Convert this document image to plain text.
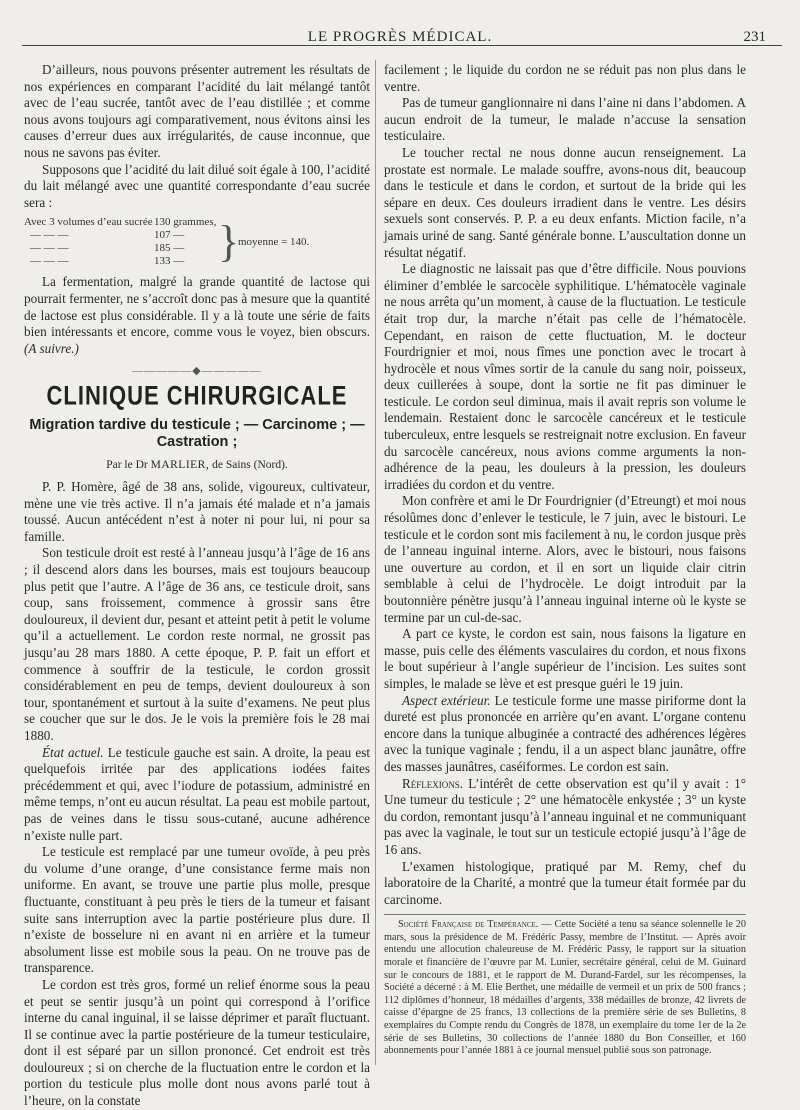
LE PROGRÈS MÉDICAL.	231

D’ailleurs, nous pouvons présenter autrement les résultats de nos expériences en comparant l’acidité du lait mélangé tantôt avec de l’eau sucrée, tantôt avec de l’eau distillée ; et comme nous avons toujours agi comparativement, nous évitons ainsi les causes d’erreur dues aux irrégularités, de cause inconnue, que nous ne savons pas éviter.

Supposons que l’acidité du lait dilué soit égale à 100, l’acidité du lait mélangé avec une quantité correspondante d’eau sucrée sera :

Avec 3 volumes d’eau sucrée 130 grammes, }
moyenne = 140.
— — —	107 —
— — —	185 —
— — —	133 —

La fermentation, malgré la grande quantité de lactose qui pourrait fermenter, ne s’accroît donc pas à mesure que la quantité de lactose est plus considérable. Il y a là toute une série de faits bien intéressants et encore, comme vous le voyez, bien obscurs. (A suivre.)

―――――◆―――――
CLINIQUE CHIRURGICALE
Migration tardive du testicule ; — Carcinome ; —
Castration ;
Par le Dr MARLIER, de Sains (Nord).

P. P. Homère, âgé de 38 ans, solide, vigoureux, cultivateur, mène une vie très active. Il n’a jamais été malade et n’a jamais toussé. Aucun antécédent n’est à noter ni pour lui, ni pour sa famille.

Son testicule droit est resté à l’anneau jusqu’à l’âge de 16 ans ; il descend alors dans les bourses, mais est toujours beaucoup plus petit que l’autre. A l’âge de 36 ans, ce testicule droit, sans coup, sans froissement, commence à grossir sans être douloureux, il devient dur, pesant et atteint petit à petit le volume qu’il a actuellement. Le cordon reste normal, ne grossit pas jusqu’au 28 mars 1880. A cette époque, P. P. fait un effort et commence à souffrir de la testicule, le cordon grossit considérablement en peu de temps, devient douloureux à son tour, spontanément et surtout à la suite d’examens. Ne peut plus se coucher que sur le dos. Je le vois la première fois le 28 mai 1880.

État actuel. Le testicule gauche est sain. A droite, la peau est quelquefois irritée par des applications iodées faites précédemment et qui, avec l’iodure de potassium, administré en même temps, n’ont eu aucun résultat. La peau est mobile partout, pas de veines dans le tissu sous-cutané, aucune adhérence n’existe nulle part.

Le testicule est remplacé par une tumeur ovoïde, à peu près du volume d’une orange, d’une consistance ferme mais non uniforme. En avant, se trouve une partie plus molle, presque fluctuante, constituant à peu près le tiers de la tumeur et faisant suite sans interruption avec la partie postérieure plus dure. Il n’existe de bosselure ni en avant ni en arrière et la tumeur absolument lisse est mobile sous la peau. On ne trouve pas de transparence.

Le cordon est très gros, formé un relief énorme sous la peau et peut se sentir jusqu’à un point qui correspond à l’orifice interne du canal inguinal, il se laisse déprimer et paraît fluctuant. Il se continue avec la partie postérieure de la tumeur testiculaire, dont il est séparé par un sillon prononcé. Cet endroit est très douloureux ; si on cherche de la fluctuation entre le cordon et la portion du testicule plus molle dont nous avons parlé tout à l’heure, on la constate

facilement ; le liquide du cordon ne se réduit pas non plus dans le ventre.

Pas de tumeur ganglionnaire ni dans l’aine ni dans l’abdomen. A aucun endroit de la tumeur, le malade n’accuse la sensation testiculaire.

Le toucher rectal ne nous donne aucun renseignement. La prostate est normale. Le malade souffre, avons-nous dit, beaucoup dans le testicule et dans le cordon, et surtout de la bride qui les sépare en deux. Ces douleurs irradient dans le ventre. Les désirs sexuels sont conservés. P. P. a eu deux enfants. Miction facile, n’a jamais uriné de sang. Santé générale bonne. L’auscultation donne un résultat négatif.

Le diagnostic ne laissait pas que d’être difficile. Nous pouvions éliminer d’emblée le sarcocèle syphilitique. L’hématocèle vaginale ne nous arrêta qu’un moment, à cause de la fluctuation. Le testicule était trop dur, la marche n’était pas celle de l’hématocèle. Cependant, en raison de cette fluctuation, M. le docteur Fourdrignier et moi, nous fîmes une ponction avec le trocart à hydrocèle et nous vîmes sortir de la canule du sang noir, poisseux, deux cuillerées à soupe, dont la sortie ne fit pas diminuer le testicule. Le cordon seul diminua, mais il avait repris son volume le lendemain. Restaient donc le sarcocèle cancéreux et le testicule tuberculeux, entre lesquels se restreignait notre exclusion. En faveur du sarcocèle cancéreux, nous avions comme arguments la non-adhérence de la peau, les douleurs à la pression, les douleurs irradiées du cordon et du ventre.

Mon confrère et ami le Dr Fourdrignier (d’Etreungt) et moi nous résolûmes donc d’enlever le testicule, le 7 juin, avec le bistouri. Le testicule et le cordon sont mis facilement à nu, le cordon jusque près de l’anneau inguinal interne. Alors, avec le bistouri, nous faisons une ouverture au cordon, et il en sort un liquide clair citrin semblable à celui de l’hydrocèle. Le doigt introduit par la boutonnière pénètre jusqu’à l’anneau inguinal interne où le kyste se termine par un cul-de-sac.

A part ce kyste, le cordon est sain, nous faisons la ligature en masse, puis celle des éléments vasculaires du cordon, et nous fixons le bout supérieur à l’angle supérieur de l’incision. Les suites sont simples, le malade se lève et est presque guéri le 19 juin.

Aspect extérieur. Le testicule forme une masse piriforme dont la dureté est plus prononcée en arrière qu’en avant. L’organe contenu encore dans la tunique albuginée a contracté des adhérences légères avec la tunique vaginale ; fendu, il a un aspect blanc jaunâtre, offre des masses jaunâtres, caséiformes. Le cordon est sain.

Réflexions. L’intérêt de cette observation est qu’il y avait : 1° Une tumeur du testicule ; 2° une hématocèle enkystée ; 3° un kyste du cordon, remontant jusqu’à l’anneau inguinal et ne communiquant pas avec la vaginale, le tout sur un testicule ectopié jusqu’à l’âge de 16 ans.

L’examen histologique, pratiqué par M. Remy, chef du laboratoire de la Charité, a montré que la tumeur était formée par du carcinome.

Société Française de Tempérance. — Cette Société a tenu sa séance solennelle le 20 mars, sous la présidence de M. Frédéric Passy, membre de l’Institut. — Après avoir entendu une allocution chaleureuse de M. Frédéric Passy, le rapport sur la situation morale et financière de l’œuvre par M. Lunier, secrétaire général, celui de M. Guinard sur le concours de 1881, et le rapport de M. Durand-Fardel, sur les récompenses, la Société a décerné : à M. Elie Berthet, une médaille de vermeil et un prix de 500 francs ; 112 diplômes d’honneur, 18 médailles d’argents, 338 médailles de bronze, 42 livrets de caisse d’épargne de 25 francs, 13 collections de la première série de ses Bulletins, 8 exemplaires du Compte rendu du Congrès de 1878, un exemplaire du tome 1er de la 2e série de ses Bulletins, 30 collections de l’année 1880 du Bon Conseiller, et 160 abonnements pour l’année 1881 à ce journal mensuel publié sous son patronage.
